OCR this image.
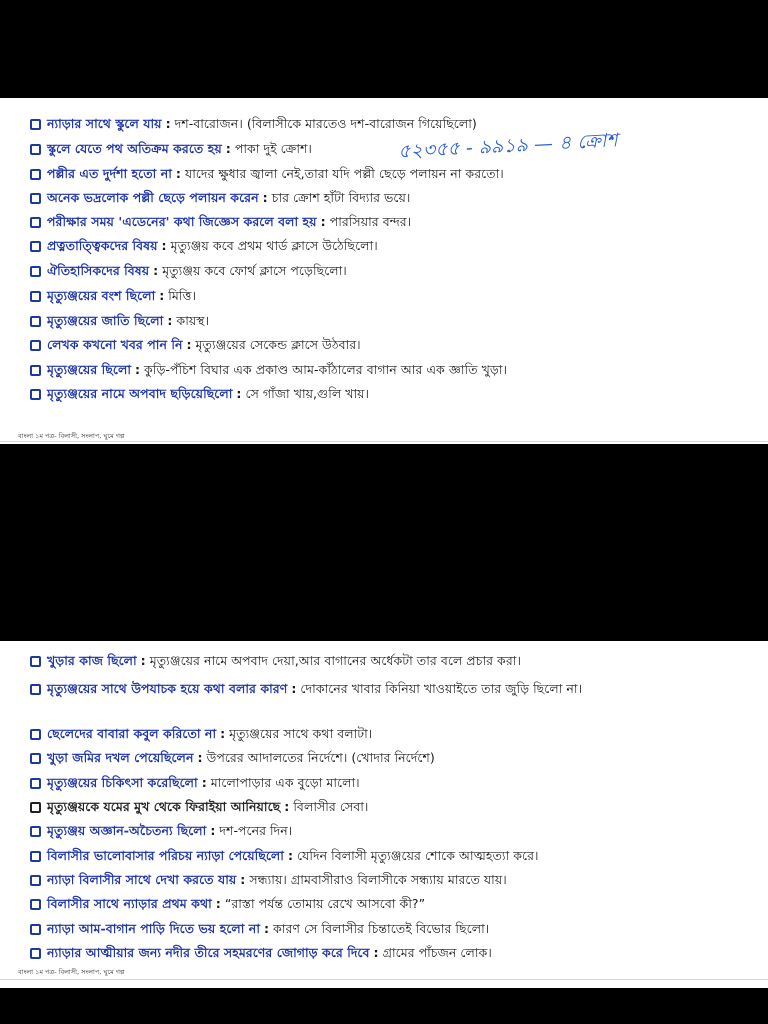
ন্যাড়ার সাথে স্কুলে যায় : দশ-বারোজন। (বিলাসীকে মারতেও দশ-বারোজন গিয়েছিলো)
স্কুলে যেতে পথ অতিক্রম করতে হয় : পাকা দুই ক্রোশ।	৫২৩৫৫ - ৯৯১৯ — ৪ ক্রোশ
পল্লীর এত দুর্দশা হতো না : যাদের ক্ষুধার জ্বালা নেই,তারা যদি পল্লী ছেড়ে পলায়ন না করতো।
অনেক ভদ্রলোক পল্লী ছেড়ে পলায়ন করেন : চার ক্রোশ হাঁটা বিদ্যার ভয়ে।
পরীক্ষার সময় 'এডেনের' কথা জিজ্ঞেস করলে বলা হয় : পারসিয়ার বন্দর।
প্রত্নতাত্ত্বিকদের বিষয় : মৃত্যুঞ্জয় কবে প্রথম থার্ড ক্লাসে উঠেছিলো।
ঐতিহাসিকদের বিষয় : মৃত্যুঞ্জয় কবে ফোর্থ ক্লাসে পড়েছিলো।
মৃত্যুঞ্জয়ের বংশ ছিলো : মিত্তি।
মৃত্যুঞ্জয়ের জাতি ছিলো : কায়স্থ।
লেখক কখনো খবর পান নি : মৃত্যুঞ্জয়ের সেকেন্ড ক্লাসে উঠবার।
মৃত্যুঞ্জয়ের ছিলো : কুড়ি-পঁচিশ বিঘার এক প্রকাণ্ড আম-কাঁঠালের বাগান আর এক জ্ঞাতি খুড়া।
মৃত্যুঞ্জয়ের নামে অপবাদ ছড়িয়েছিলো : সে গাঁজা খায়,গুলি খায়।
বাংলা ১ম পত্র- বিলাসী, সংলাপ, ঘুমে গল্প
খুড়ার কাজ ছিলো : মৃত্যুঞ্জয়ের নামে অপবাদ দেয়া,আর বাগানের অর্ধেকটা তার বলে প্রচার করা।
মৃত্যুঞ্জয়ের সাথে উপযাচক হয়ে কথা বলার কারণ : দোকানের খাবার কিনিয়া খাওয়াইতে তার জুড়ি ছিলো না।
ছেলেদের বাবারা কবুল করিতো না : মৃত্যুঞ্জয়ের সাথে কথা বলাটা।
খুড়া জমির দখল পেয়েছিলেন : উপরের আদালতের নির্দেশে। (খোদার নির্দেশে)
মৃত্যুঞ্জয়ের চিকিৎসা করেছিলো : মালোপাড়ার এক বুড়ো মালো।
মৃত্যুঞ্জয়কে যমের মুখ থেকে ফিরাইয়া আনিয়াছে : বিলাসীর সেবা।
মৃত্যুঞ্জয় অজ্ঞান-অচৈতন্য ছিলো : দশ-পনের দিন।
বিলাসীর ভালোবাসার পরিচয় ন্যাড়া পেয়েছিলো : যেদিন বিলাসী মৃত্যুঞ্জয়ের শোকে আত্মহত্যা করে।
ন্যাড়া বিলাসীর সাথে দেখা করতে যায় : সন্ধ্যায়। গ্রামবাসীরাও বিলাসীকে সন্ধ্যায় মারতে যায়।
বিলাসীর সাথে ন্যাড়ার প্রথম কথা : “রাস্তা পর্যন্ত তোমায় রেখে আসবো কী?”
ন্যাড়া আম-বাগান পাড়ি দিতে ভয় হলো না : কারণ সে বিলাসীর চিন্তাতেই বিভোর ছিলো।
ন্যাড়ার আত্মীয়ার জন্য নদীর তীরে সহমরণের জোগাড় করে দিবে : গ্রামের পাঁচজন লোক।
বাংলা ১ম পত্র- বিলাসী, সংলাপ, ঘুমে গল্প
